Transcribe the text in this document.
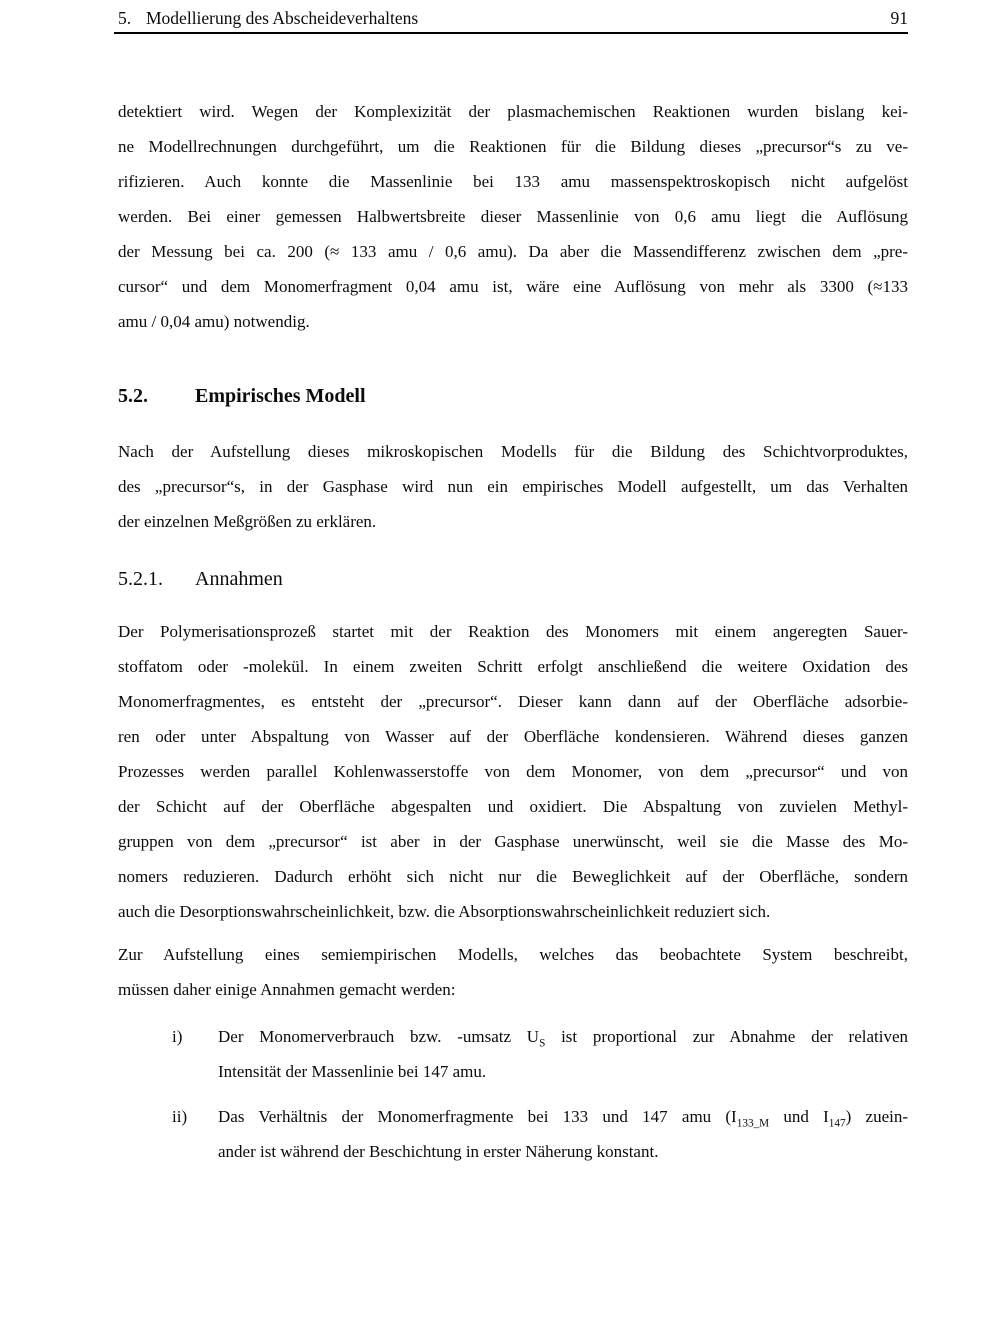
5. Modellierung des Abscheideverhaltens	91
detektiert wird. Wegen der Komplexizität der plasmachemischen Reaktionen wurden bislang kei-
ne Modellrechnungen durchgeführt, um die Reaktionen für die Bildung dieses „precursor“s zu ve-
rifizieren. Auch konnte die Massenlinie bei 133 amu massenspektroskopisch nicht aufgelöst
werden. Bei einer gemessen Halbwertsbreite dieser Massenlinie von 0,6 amu liegt die Auflösung
der Messung bei ca. 200 (≈ 133 amu / 0,6 amu). Da aber die Massendifferenz zwischen dem „pre-
cursor“ und dem Monomerfragment 0,04 amu ist, wäre eine Auflösung von mehr als 3300 (≈133
amu / 0,04 amu) notwendig.
5.2. Empirisches Modell
Nach der Aufstellung dieses mikroskopischen Modells für die Bildung des Schichtvorproduktes,
des „precursor“s, in der Gasphase wird nun ein empirisches Modell aufgestellt, um das Verhalten
der einzelnen Meßgrößen zu erklären.
5.2.1. Annahmen
Der Polymerisationsprozeß startet mit der Reaktion des Monomers mit einem angeregten Sauer-
stoffatom oder -molekül. In einem zweiten Schritt erfolgt anschließend die weitere Oxidation des
Monomerfragmentes, es entsteht der „precursor“. Dieser kann dann auf der Oberfläche adsorbie-
ren oder unter Abspaltung von Wasser auf der Oberfläche kondensieren. Während dieses ganzen
Prozesses werden parallel Kohlenwasserstoffe von dem Monomer, von dem „precursor“ und von
der Schicht auf der Oberfläche abgespalten und oxidiert. Die Abspaltung von zuvielen Methyl-
gruppen von dem „precursor“ ist aber in der Gasphase unerwünscht, weil sie die Masse des Mo-
nomers reduzieren. Dadurch erhöht sich nicht nur die Beweglichkeit auf der Oberfläche, sondern
auch die Desorptionswahrscheinlichkeit, bzw. die Absorptionswahrscheinlichkeit reduziert sich.
Zur Aufstellung eines semiempirischen Modells, welches das beobachtete System beschreibt,
müssen daher einige Annahmen gemacht werden:
i)	Der Monomerverbrauch bzw. -umsatz $U_S$ ist proportional zur Abnahme der relativen
Intensität der Massenlinie bei 147 amu.
ii)	Das Verhältnis der Monomerfragmente bei 133 und 147 amu ($I_{133\_M}$ und $I_{147}$) zuein-
ander ist während der Beschichtung in erster Näherung konstant.
